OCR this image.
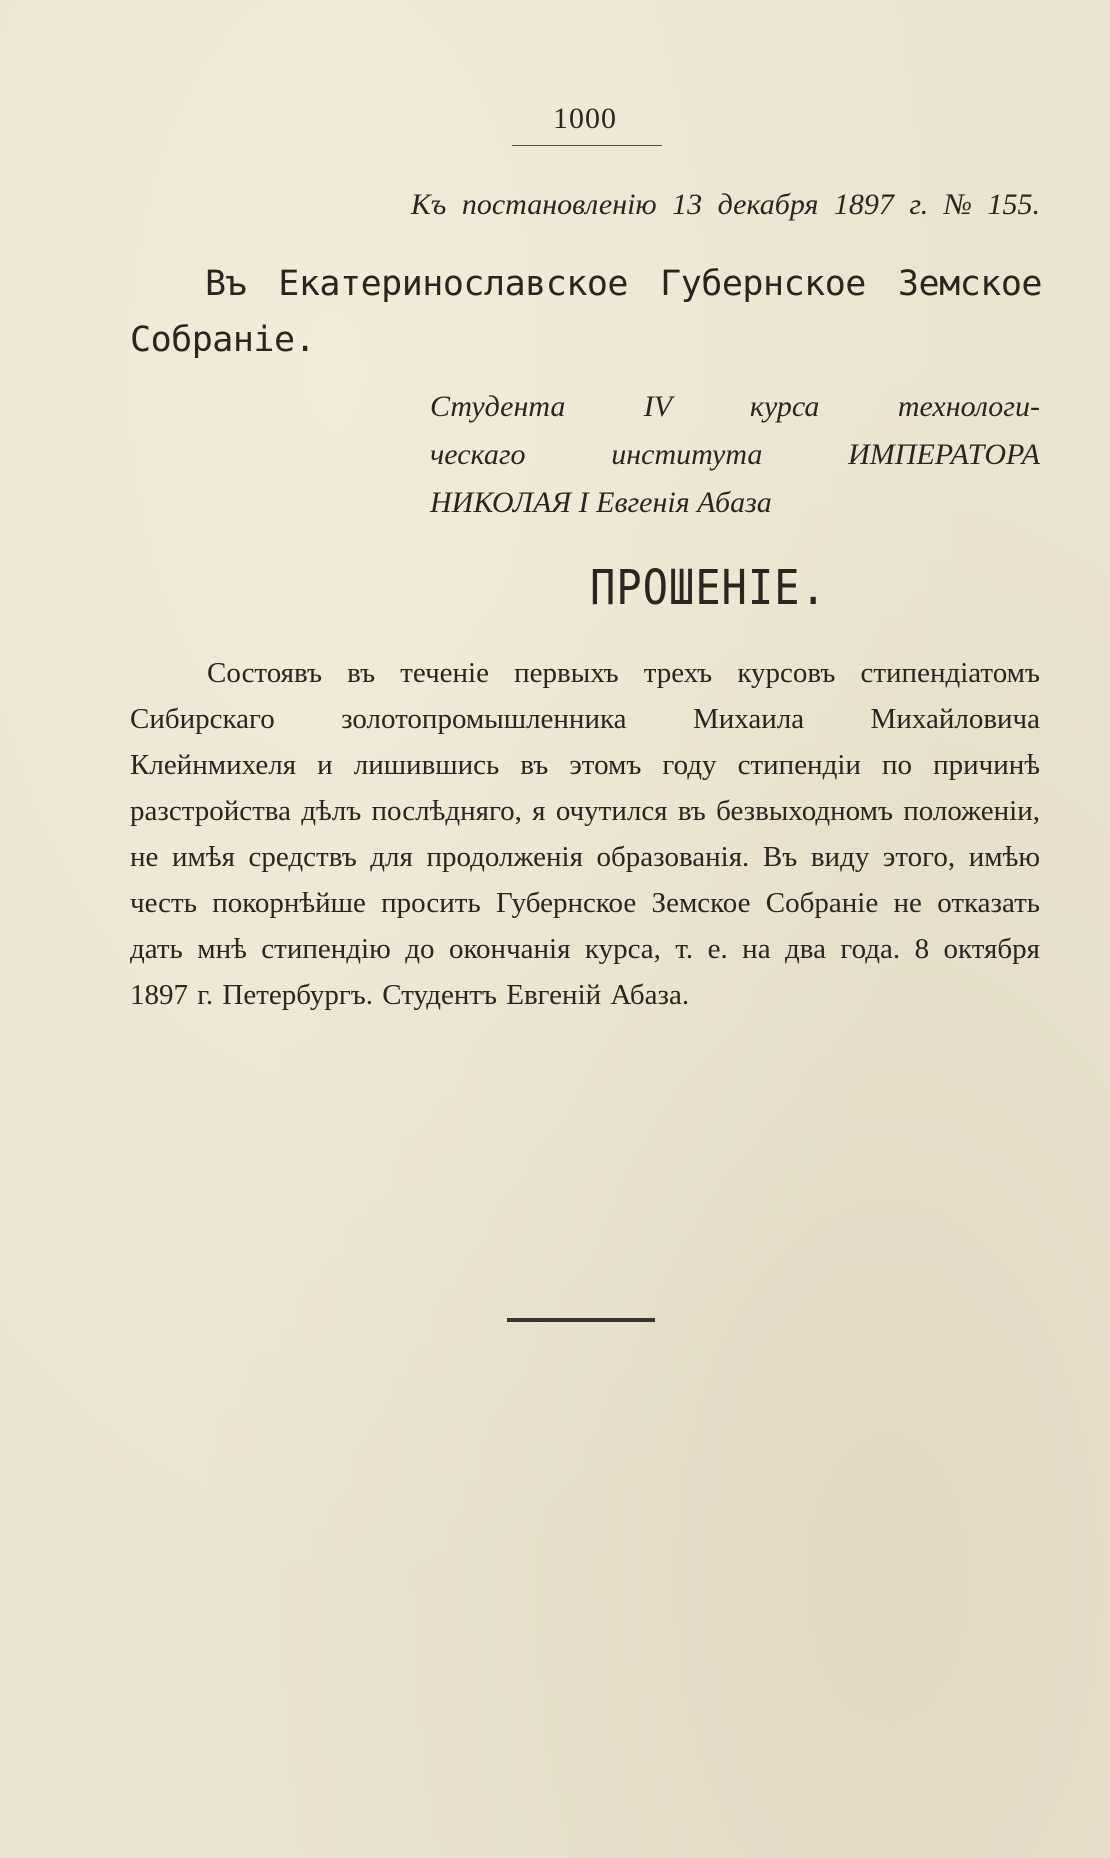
1000
Къ постановленію 13 декабря 1897 г. № 155.
Въ Екатеринославское Губернское Земское Собраніе.
Студента IV курса технологи-
ческаго института ИМПЕРАТОРА
НИКОЛАЯ I Евгенія Абаза
ПРОШЕНІЕ.
Состоявъ въ теченіе первыхъ трехъ курсовъ стипендіатомъ Сибирскаго золотопромышленника Михаила Михайловича Клейнмихеля и лишившись въ этомъ году стипендіи по причинѣ разстройства дѣлъ послѣдняго, я очутился въ безвыходномъ положеніи, не имѣя средствъ для продолженія образованія. Въ виду этого, имѣю честь покорнѣйше просить Губернское Земское Собраніе не отказать дать мнѣ стипендію до окончанія курса, т. е. на два года. 8 октября 1897 г. Петербургъ. Студентъ Евгеній Абаза.
